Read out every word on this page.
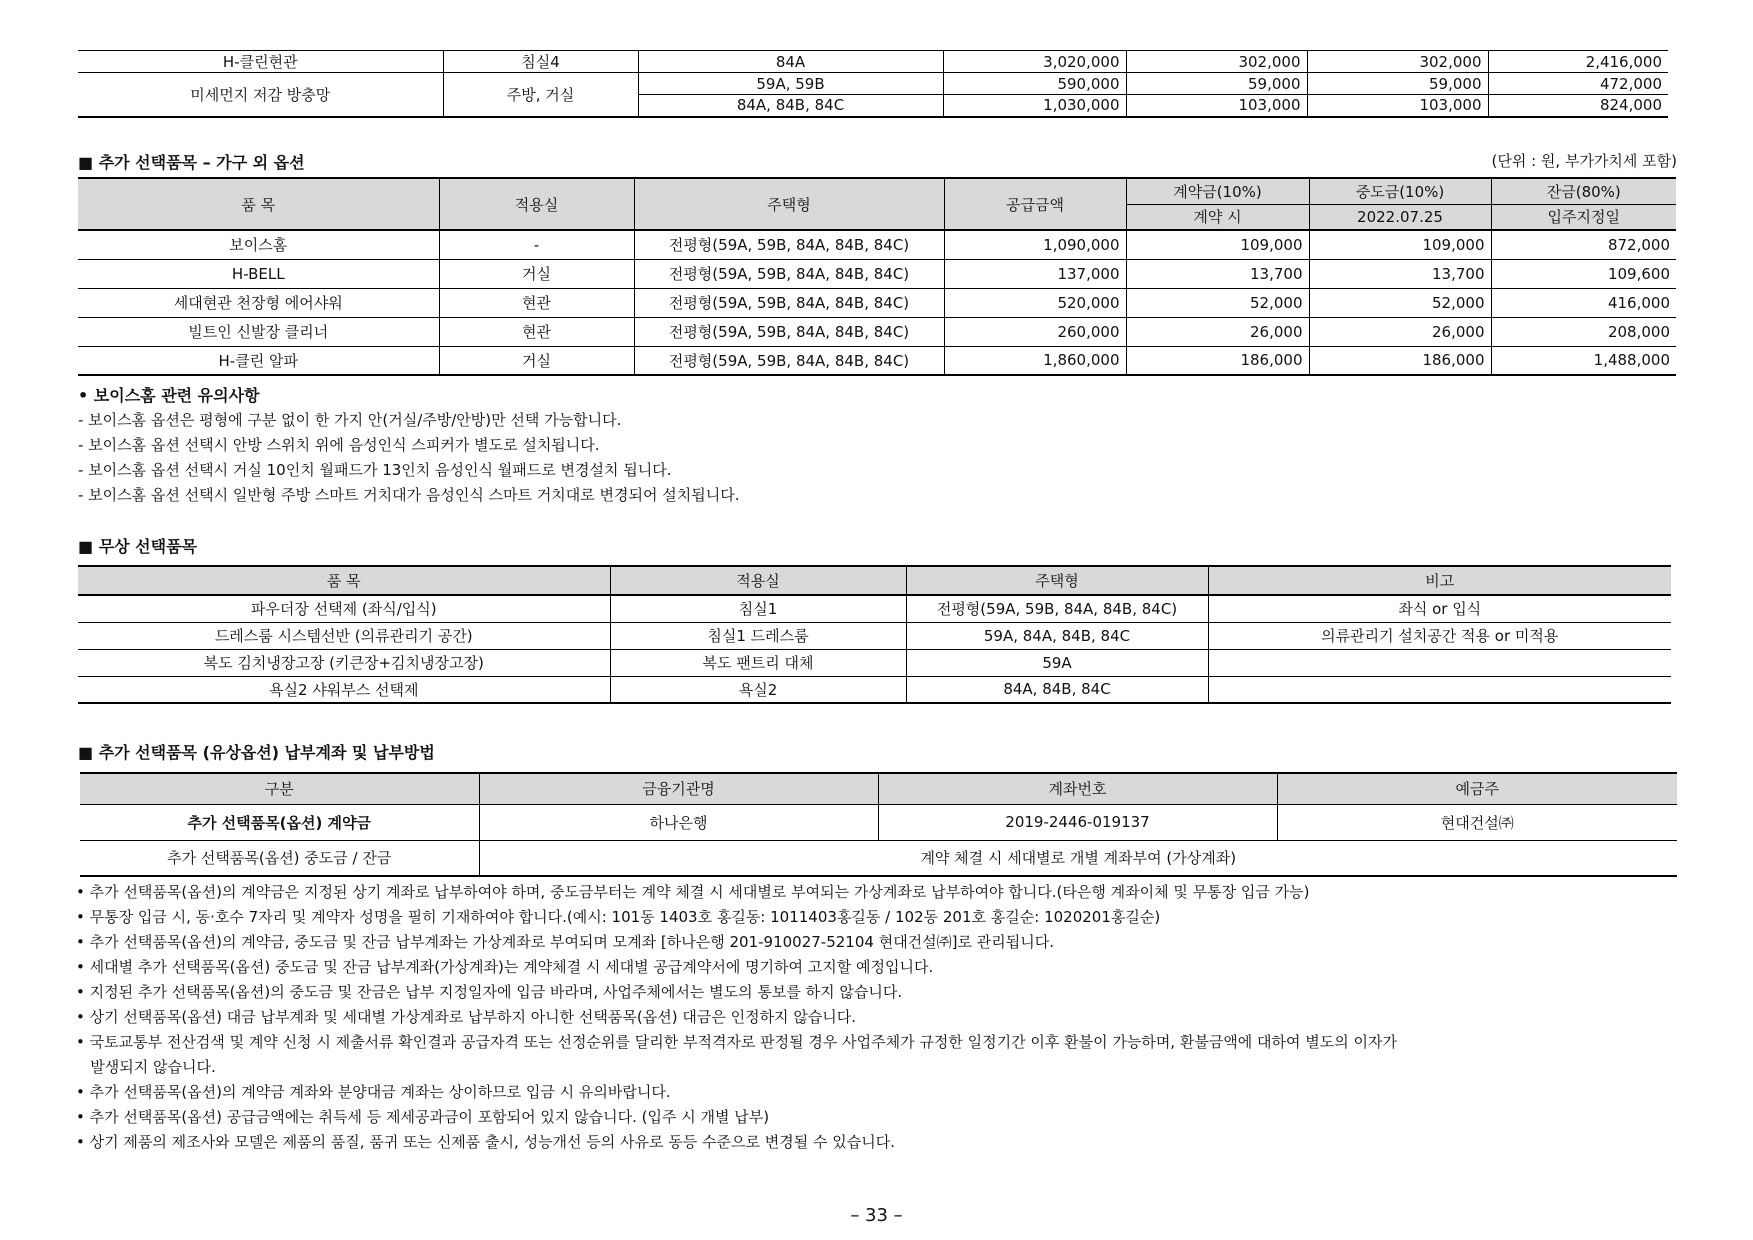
H-클린현관	침실4	84A	3,020,000	302,000	302,000	2,416,000
미세먼지 저감 방충망	주방, 거실	59A, 59B	590,000	59,000	59,000	472,000
		84A, 84B, 84C	1,030,000	103,000	103,000	824,000
■ 추가 선택품목 – 가구 외 옵션	(단위 : 원, 부가가치세 포함)
품 목	적용실	주택형	공급금액	계약금(10%)	중도금(10%)	잔금(80%)
				계약 시	2022.07.25	입주지정일
보이스홈	-	전평형(59A, 59B, 84A, 84B, 84C)	1,090,000	109,000	109,000	872,000
H-BELL	거실	전평형(59A, 59B, 84A, 84B, 84C)	137,000	13,700	13,700	109,600
세대현관 천장형 에어샤워	현관	전평형(59A, 59B, 84A, 84B, 84C)	520,000	52,000	52,000	416,000
빌트인 신발장 클리너	현관	전평형(59A, 59B, 84A, 84B, 84C)	260,000	26,000	26,000	208,000
H-클린 알파	거실	전평형(59A, 59B, 84A, 84B, 84C)	1,860,000	186,000	186,000	1,488,000
• 보이스홈 관련 유의사항
- 보이스홈 옵션은 평형에 구분 없이 한 가지 안(거실/주방/안방)만 선택 가능합니다.
- 보이스홈 옵션 선택시 안방 스위치 위에 음성인식 스피커가 별도로 설치됩니다.
- 보이스홈 옵션 선택시 거실 10인치 월패드가 13인치 음성인식 월패드로 변경설치 됩니다.
- 보이스홈 옵션 선택시 일반형 주방 스마트 거치대가 음성인식 스마트 거치대로 변경되어 설치됩니다.
■ 무상 선택품목
품 목	적용실	주택형	비고
파우더장 선택제 (좌식/입식)	침실1	전평형(59A, 59B, 84A, 84B, 84C)	좌식 or 입식
드레스룸 시스템선반 (의류관리기 공간)	침실1 드레스룸	59A, 84A, 84B, 84C	의류관리기 설치공간 적용 or 미적용
복도 김치냉장고장 (키큰장+김치냉장고장)	복도 팬트리 대체	59A	
욕실2 샤워부스 선택제	욕실2	84A, 84B, 84C	
■ 추가 선택품목 (유상옵션) 납부계좌 및 납부방법
구분	금융기관명	계좌번호	예금주
추가 선택품목(옵션) 계약금	하나은행	2019-2446-019137	현대건설㈜
추가 선택품목(옵션) 중도금 / 잔금	계약 체결 시 세대별로 개별 계좌부여 (가상계좌)		
• 추가 선택품목(옵션)의 계약금은 지정된 상기 계좌로 납부하여야 하며, 중도금부터는 계약 체결 시 세대별로 부여되는 가상계좌로 납부하여야 합니다.(타은행 계좌이체 및 무통장 입금 가능)
• 무통장 입금 시, 동·호수 7자리 및 계약자 성명을 필히 기재하여야 합니다.(예시: 101동 1403호 홍길동: 1011403홍길동 / 102동 201호 홍길순: 1020201홍길순)
• 추가 선택품목(옵션)의 계약금, 중도금 및 잔금 납부계좌는 가상계좌로 부여되며 모계좌 [하나은행 201-910027-52104 현대건설㈜]로 관리됩니다.
• 세대별 추가 선택품목(옵션) 중도금 및 잔금 납부계좌(가상계좌)는 계약체결 시 세대별 공급계약서에 명기하여 고지할 예정입니다.
• 지정된 추가 선택품목(옵션)의 중도금 및 잔금은 납부 지정일자에 입금 바라며, 사업주체에서는 별도의 통보를 하지 않습니다.
• 상기 선택품목(옵션) 대금 납부계좌 및 세대별 가상계좌로 납부하지 아니한 선택품목(옵션) 대금은 인정하지 않습니다.
• 국토교통부 전산검색 및 계약 신청 시 제출서류 확인결과 공급자격 또는 선정순위를 달리한 부적격자로 판정될 경우 사업주체가 규정한 일정기간 이후 환불이 가능하며, 환불금액에 대하여 별도의 이자가
발생되지 않습니다.
• 추가 선택품목(옵션)의 계약금 계좌와 분양대금 계좌는 상이하므로 입금 시 유의바랍니다.
• 추가 선택품목(옵션) 공급금액에는 취득세 등 제세공과금이 포함되어 있지 않습니다. (입주 시 개별 납부)
• 상기 제품의 제조사와 모델은 제품의 품질, 품귀 또는 신제품 출시, 성능개선 등의 사유로 동등 수준으로 변경될 수 있습니다.
– 33 –
